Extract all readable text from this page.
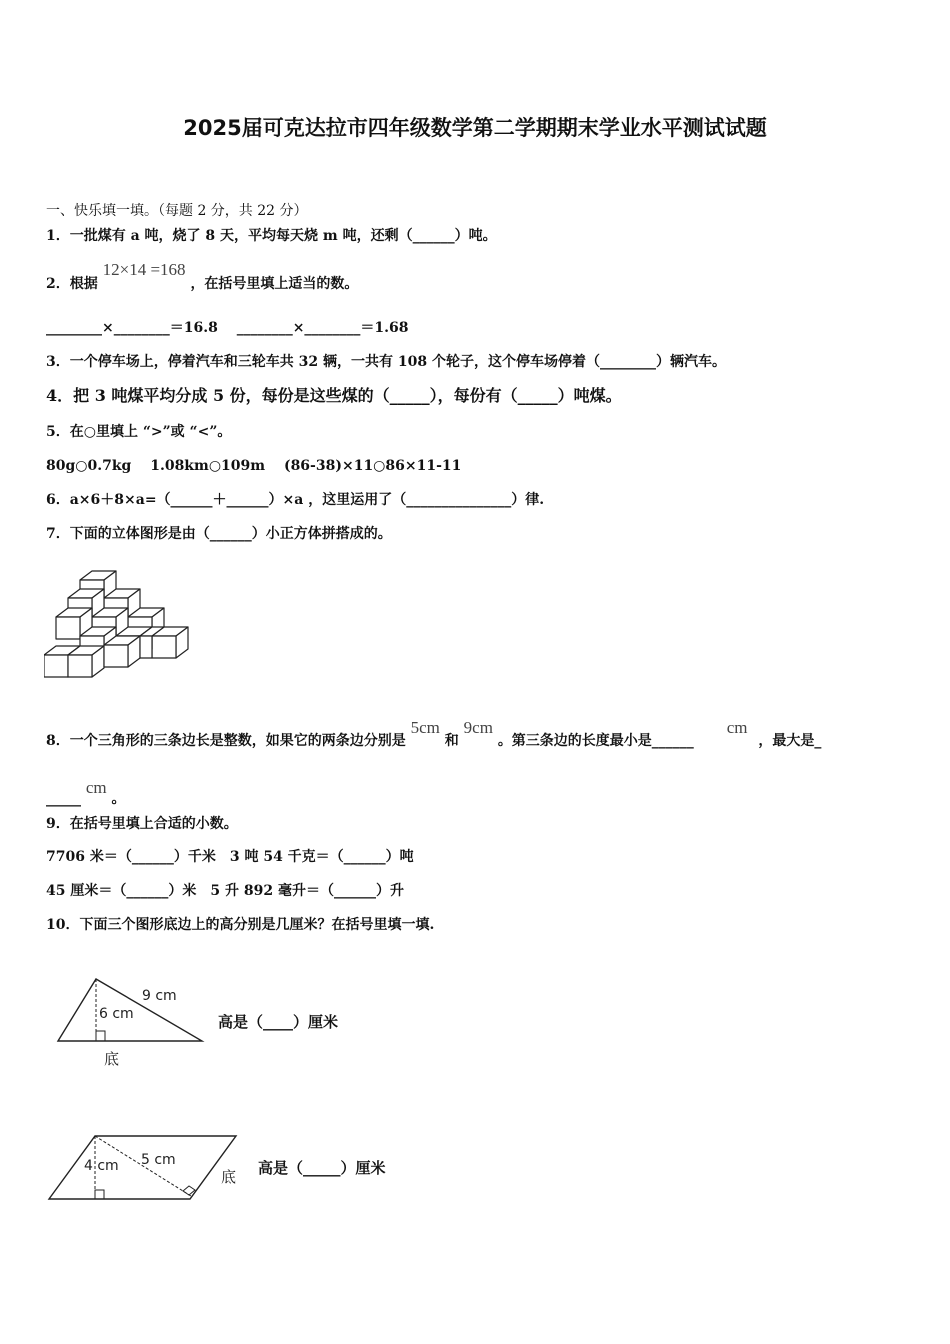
2025届可克达拉市四年级数学第二学期期末学业水平测试试题
一、快乐填一填。（每题 2 分，共 22 分）
1．一批煤有 a 吨，烧了 8 天，平均每天烧 m 吨，还剩（______）吨。
2．根据 12×14 =168 ，在括号里填上适当的数。
________×________＝16.8　 ________×________＝1.68
3．一个停车场上，停着汽车和三轮车共 32 辆，一共有 108 个轮子，这个停车场停着（________）辆汽车。
4．把 3 吨煤平均分成 5 份，每份是这些煤的（_____），每份有（_____）吨煤。
5．在○里填上 “>”或 “<”。
80g○0.7kg　 1.08km○109m　 (86-38)×11○86×11-11
6．a×6＋8×a=（______＋______）×a ，这里运用了（_______________）律.
7．下面的立体图形是由（______）小正方体拼搭成的。
8．一个三角形的三条边长是整数，如果它的两条边分别是 5cm 和 9cm 。第三条边的长度最小是______ cm ，最大是_
_____ cm 。
9．在括号里填上合适的小数。
7706 米＝（______）千米　3 吨 54 千克＝（______）吨
45 厘米＝（______）米　5 升 892 毫升＝（______）升
10．下面三个图形底边上的高分别是几厘米？在括号里填一填.
9 cm
6 cm
底
高是（____）厘米
4 cm 5 cm
底 高是（_____）厘米
